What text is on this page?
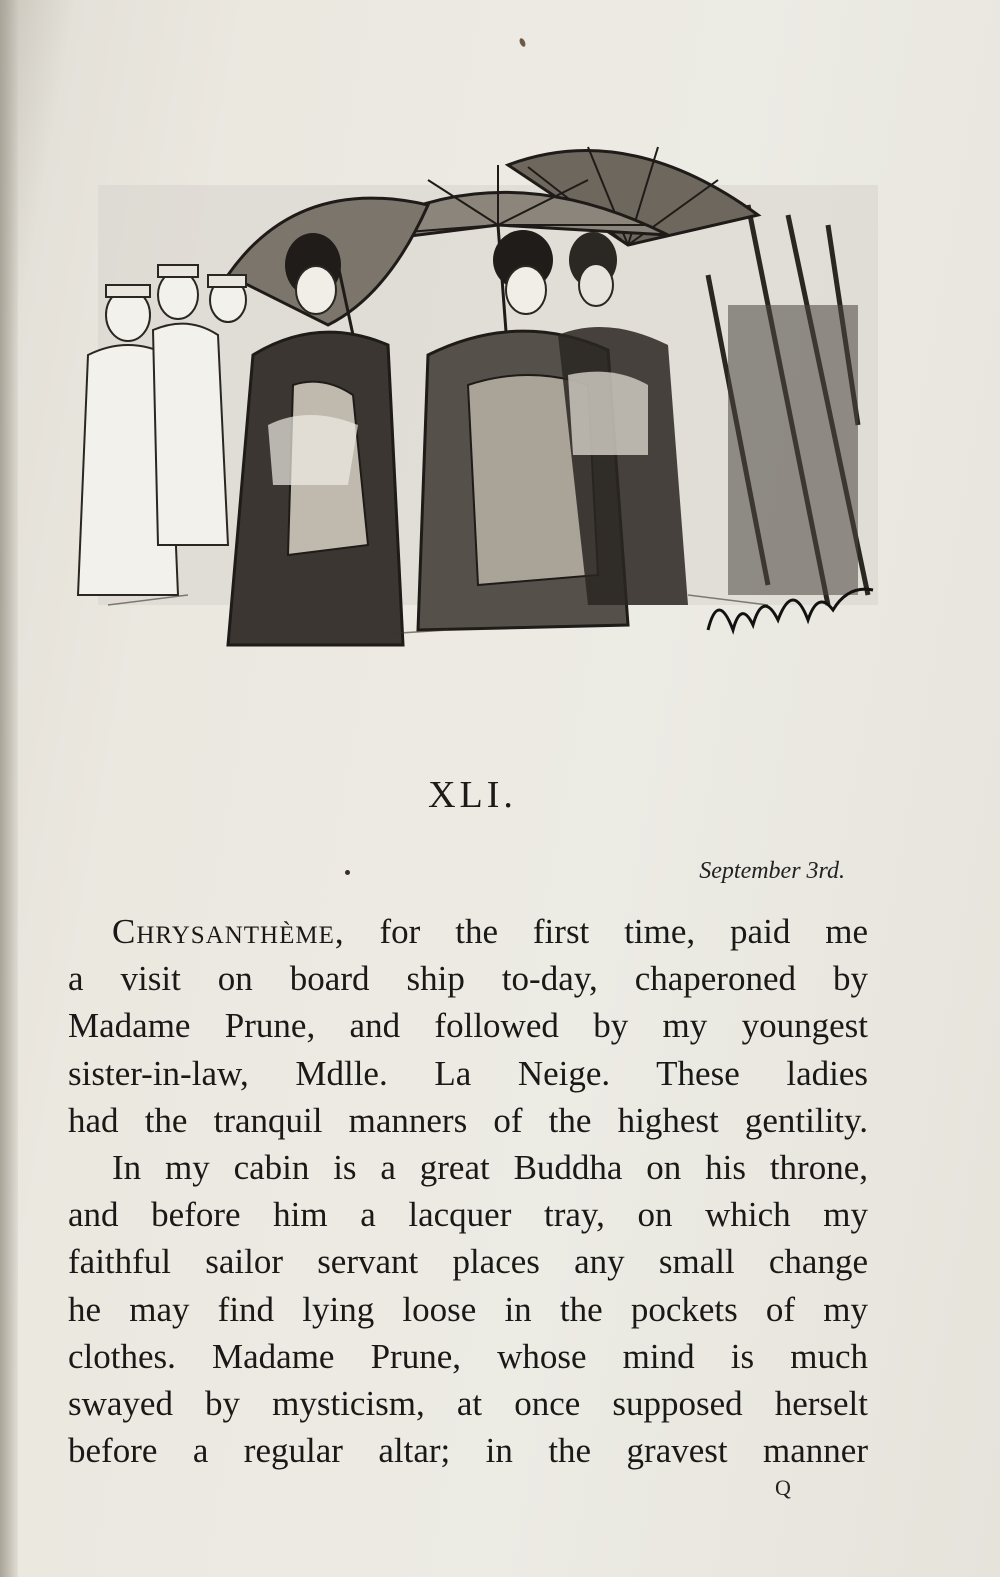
XLI.
September 3rd.

Chrysanthème, for the first time, paid me

a visit on board ship to-day, chaperoned by

Madame Prune, and followed by my youngest

sister-in-law, Mdlle. La Neige. These ladies

had the tranquil manners of the highest gentility.

In my cabin is a great Buddha on his throne,

and before him a lacquer tray, on which my

faithful sailor servant places any small change

he may find lying loose in the pockets of my

clothes. Madame Prune, whose mind is much

swayed by mysticism, at once supposed herselt

before a regular altar; in the gravest manner

Q
